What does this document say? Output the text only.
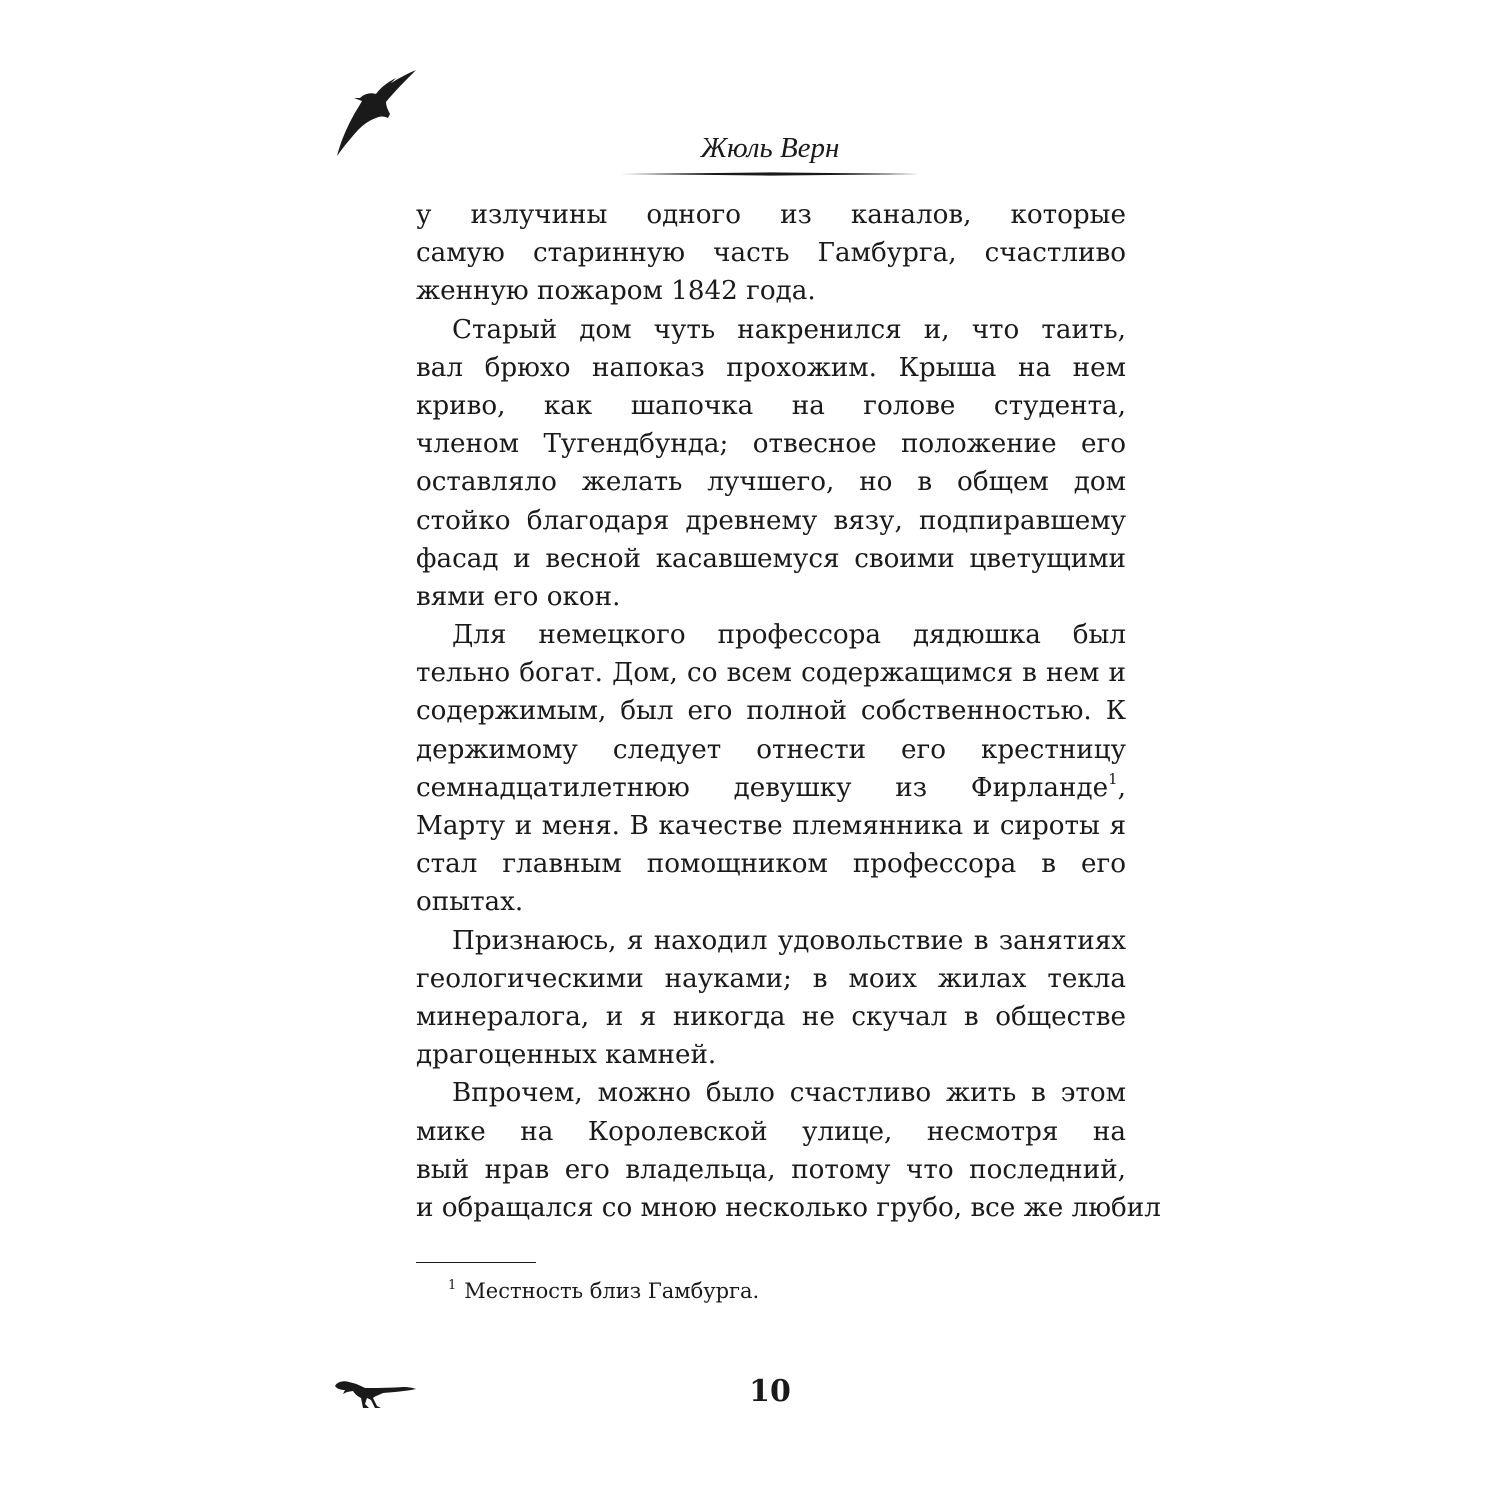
Жюль Верн
у излучины одного из каналов, которые
самую старинную часть Гамбурга, счастливо
женную пожаром 1842 года.
Старый дом чуть накренился и, что таить,
вал брюхо напоказ прохожим. Крыша на нем
криво, как шапочка на голове студента,
членом Тугендбунда; отвесное положение его
оставляло желать лучшего, но в общем дом
стойко благодаря древнему вязу, подпиравшему
фасад и весной касавшемуся своими цветущими
вями его окон.
Для немецкого профессора дядюшка был
тельно богат. Дом, со всем содержащимся в нем и
содержимым, был его полной собственностью. К
держимому следует отнести его крестницу
семнадцатилетнюю девушку из Фирланде$^1$,
Марту и меня. В качестве племянника и сироты я
стал главным помощником профессора в его
опытах.
Признаюсь, я находил удовольствие в занятиях
геологическими науками; в моих жилах текла
минералога, и я никогда не скучал в обществе
драгоценных камней.
Впрочем, можно было счастливо жить в этом
мике на Королевской улице, несмотря на
вый нрав его владельца, потому что последний,
и обращался со мною несколько грубо, все же любил
$^1$ Местность близ Гамбурга.
10
